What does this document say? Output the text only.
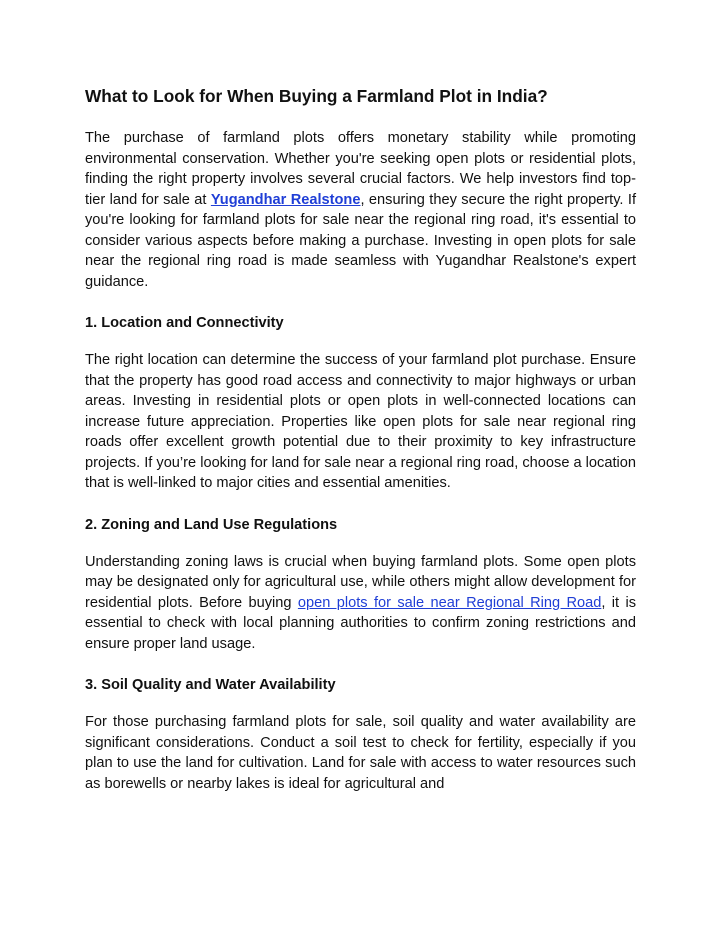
What to Look for When Buying a Farmland Plot in India?

The purchase of farmland plots offers monetary stability while promoting environmental conservation. Whether you're seeking open plots or residential plots, finding the right property involves several crucial factors. We help investors find top-tier land for sale at Yugandhar Realstone, ensuring they secure the right property. If you're looking for farmland plots for sale near the regional ring road, it's essential to consider various aspects before making a purchase. Investing in open plots for sale near the regional ring road is made seamless with Yugandhar Realstone's expert guidance.

1. Location and Connectivity

The right location can determine the success of your farmland plot purchase. Ensure that the property has good road access and connectivity to major highways or urban areas. Investing in residential plots or open plots in well-connected locations can increase future appreciation. Properties like open plots for sale near regional ring roads offer excellent growth potential due to their proximity to key infrastructure projects. If you’re looking for land for sale near a regional ring road, choose a location that is well-linked to major cities and essential amenities.

2. Zoning and Land Use Regulations

Understanding zoning laws is crucial when buying farmland plots. Some open plots may be designated only for agricultural use, while others might allow development for residential plots. Before buying open plots for sale near Regional Ring Road, it is essential to check with local planning authorities to confirm zoning restrictions and ensure proper land usage.

3. Soil Quality and Water Availability

For those purchasing farmland plots for sale, soil quality and water availability are significant considerations. Conduct a soil test to check for fertility, especially if you plan to use the land for cultivation. Land for sale with access to water resources such as borewells or nearby lakes is ideal for agricultural and
